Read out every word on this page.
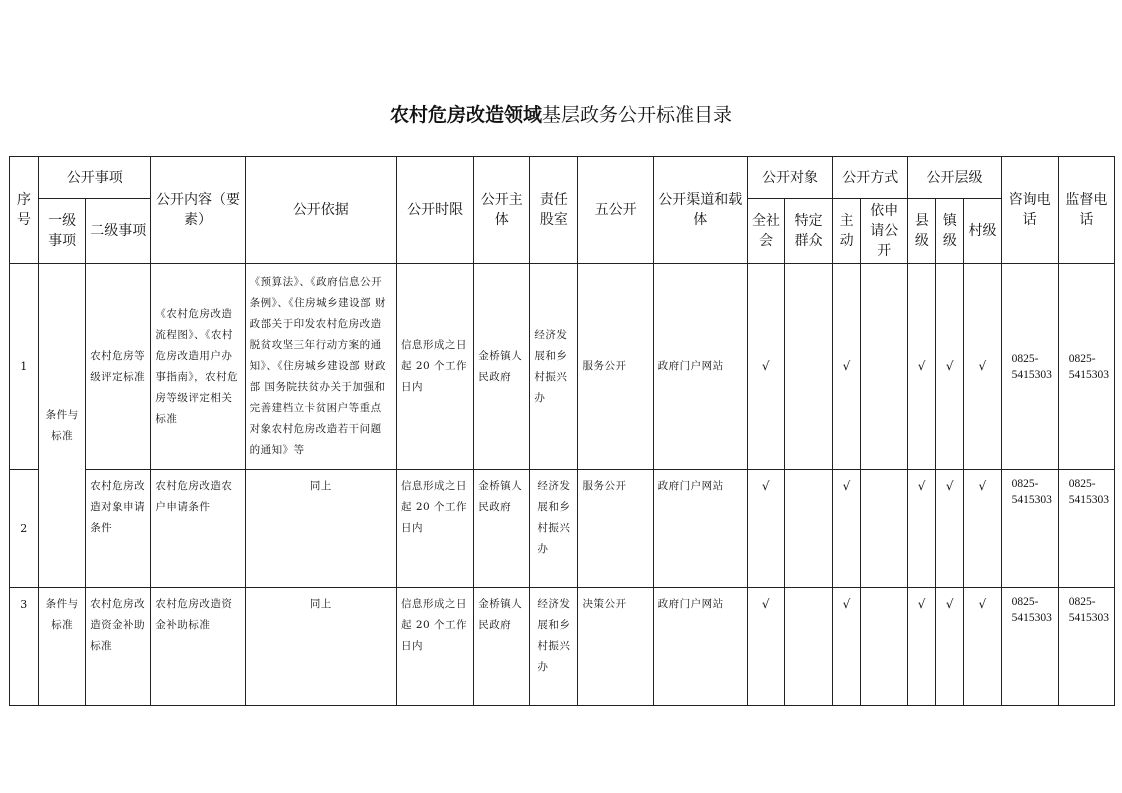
农村危房改造领域基层政务公开标准目录
序号	公开事项		公开内容（要素）	公开依据	公开时限	公开主体	责任股室	五公开	公开渠道和载体	公开对象		公开方式		公开层级			咨询电话	监督电话
	一级事项	二级事项								全社会	特定群众	主动	依申请公开	县级	镇级	村级		
1	条件与标准	农村危房等级评定标准	《农村危房改造流程图》、《农村危房改造用户办事指南》，农村危房等级评定相关标准	《预算法》、《政府信息公开条例》、《住房城乡建设部 财政部关于印发农村危房改造脱贫攻坚三年行动方案的通知》、《住房城乡建设部 财政部 国务院扶贫办关于加强和完善建档立卡贫困户等重点对象农村危房改造若干问题的通知》等	信息形成之日起 20 个工作日内	金桥镇人民政府	经济发展和乡村振兴办	服务公开	政府门户网站	√		√		√	√	√	0825-5415303	0825-5415303
2		农村危房改造对象申请条件	农村危房改造农户申请条件	同上	信息形成之日起 20 个工作日内	金桥镇人民政府	经济发展和乡村振兴办	服务公开	政府门户网站	√		√		√	√	√	0825-5415303	0825-5415303
3	条件与标准	农村危房改造资金补助标准	农村危房改造资金补助标准	同上	信息形成之日起 20 个工作日内	金桥镇人民政府	经济发展和乡村振兴办	决策公开	政府门户网站	√		√		√	√	√	0825-5415303	0825-5415303
